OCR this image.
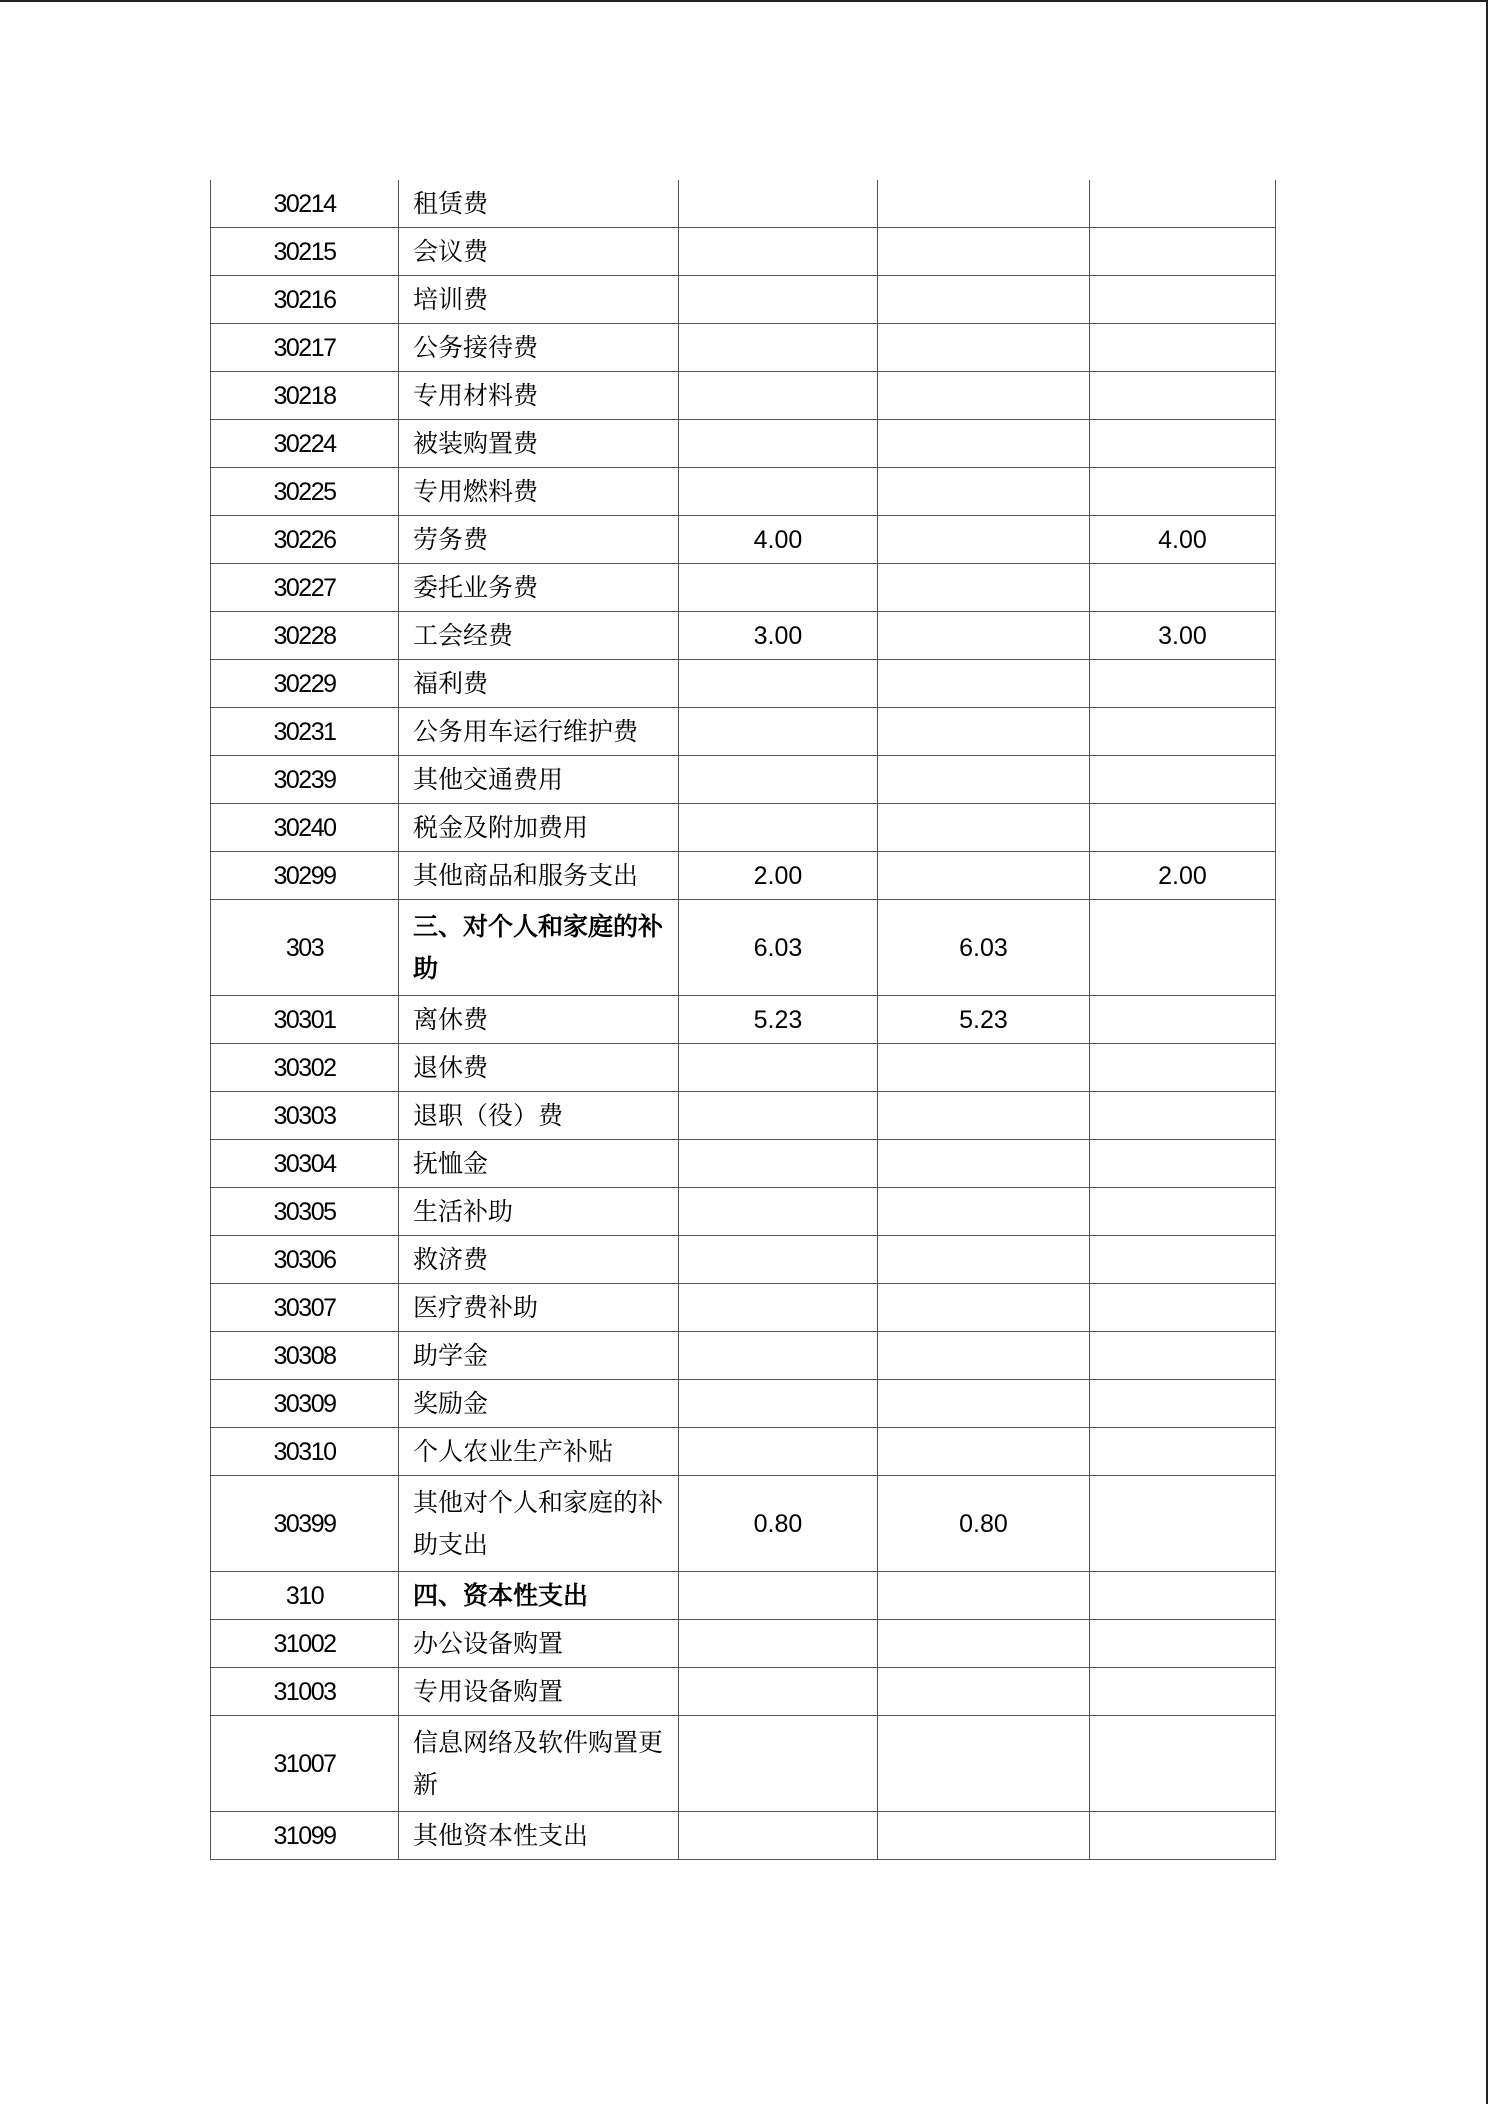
30214	租赁费			
30215	会议费			
30216	培训费			
30217	公务接待费			
30218	专用材料费			
30224	被装购置费			
30225	专用燃料费			
30226	劳务费	4.00		4.00
30227	委托业务费			
30228	工会经费	3.00		3.00
30229	福利费			
30231	公务用车运行维护费			
30239	其他交通费用			
30240	税金及附加费用			
30299	其他商品和服务支出	2.00		2.00
303	三、对个人和家庭的补助	6.03	6.03	
30301	离休费	5.23	5.23	
30302	退休费			
30303	退职（役）费			
30304	抚恤金			
30305	生活补助			
30306	救济费			
30307	医疗费补助			
30308	助学金			
30309	奖励金			
30310	个人农业生产补贴			
30399	其他对个人和家庭的补助支出	0.80	0.80	
310	四、资本性支出			
31002	办公设备购置			
31003	专用设备购置			
31007	信息网络及软件购置更新			
31099	其他资本性支出			
